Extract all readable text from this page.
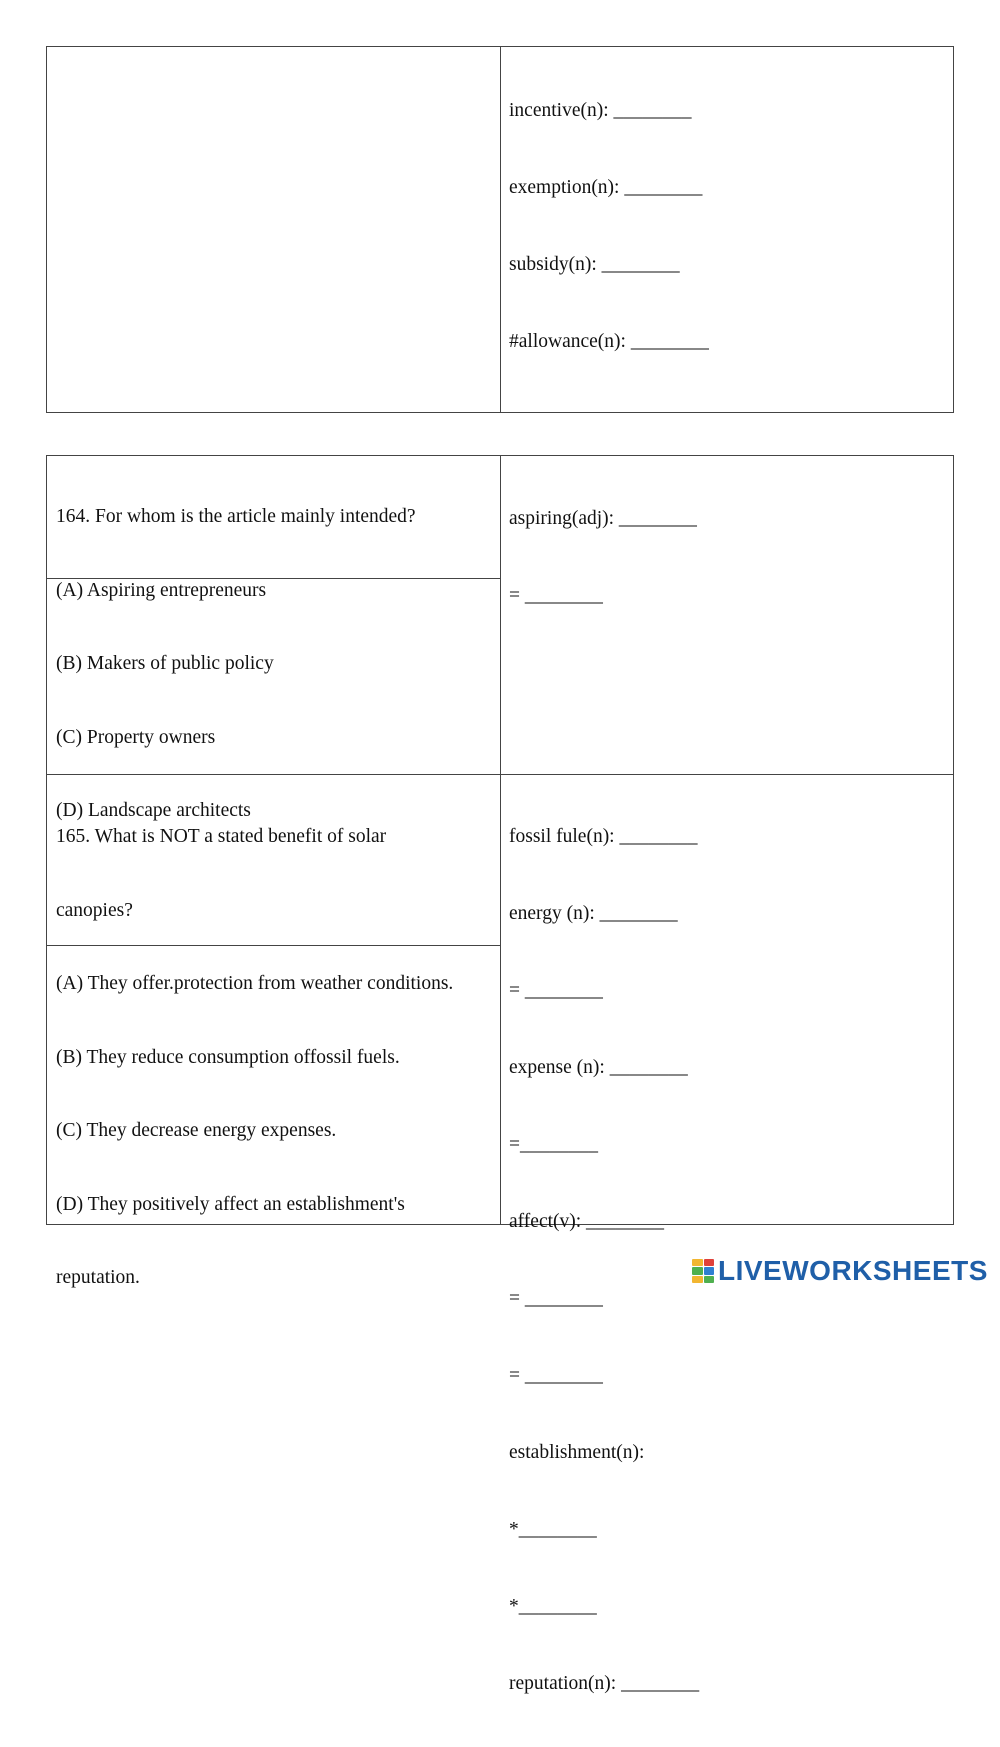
incentive(n): ________

exemption(n): ________

subsidy(n): ________

#allowance(n): ________

164. For whom is the article mainly intended?

(A) Aspiring entrepreneurs

(B) Makers of public policy

(C) Property owners

(D) Landscape architects

aspiring(adj): ________

= ________

165. What is NOT a stated benefit of solar

canopies?

(A) They offer.protection from weather conditions.

(B) They reduce consumption offossil fuels.

(C) They decrease energy expenses.

(D) They positively affect an establishment's

reputation.

fossil fule(n): ________

energy (n): ________

= ________

expense (n): ________

=________

affect(v): ________

= ________

= ________

establishment(n):

*________

*________

reputation(n): ________

LIVEWORKSHEETS
